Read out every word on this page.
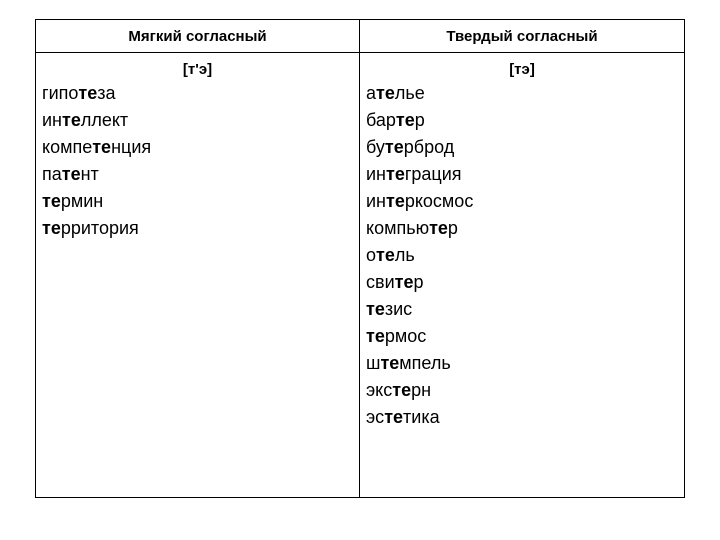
Мягкий согласный	Твердый согласный
[т'э]
гипотеза
интеллект
компетенция
патент
термин
территория
[тэ]
ателье
бартер
бутерброд
интеграция
интеркосмос
компьютер
отель
свитер
тезис
термос
штемпель
экстерн
эстетика
